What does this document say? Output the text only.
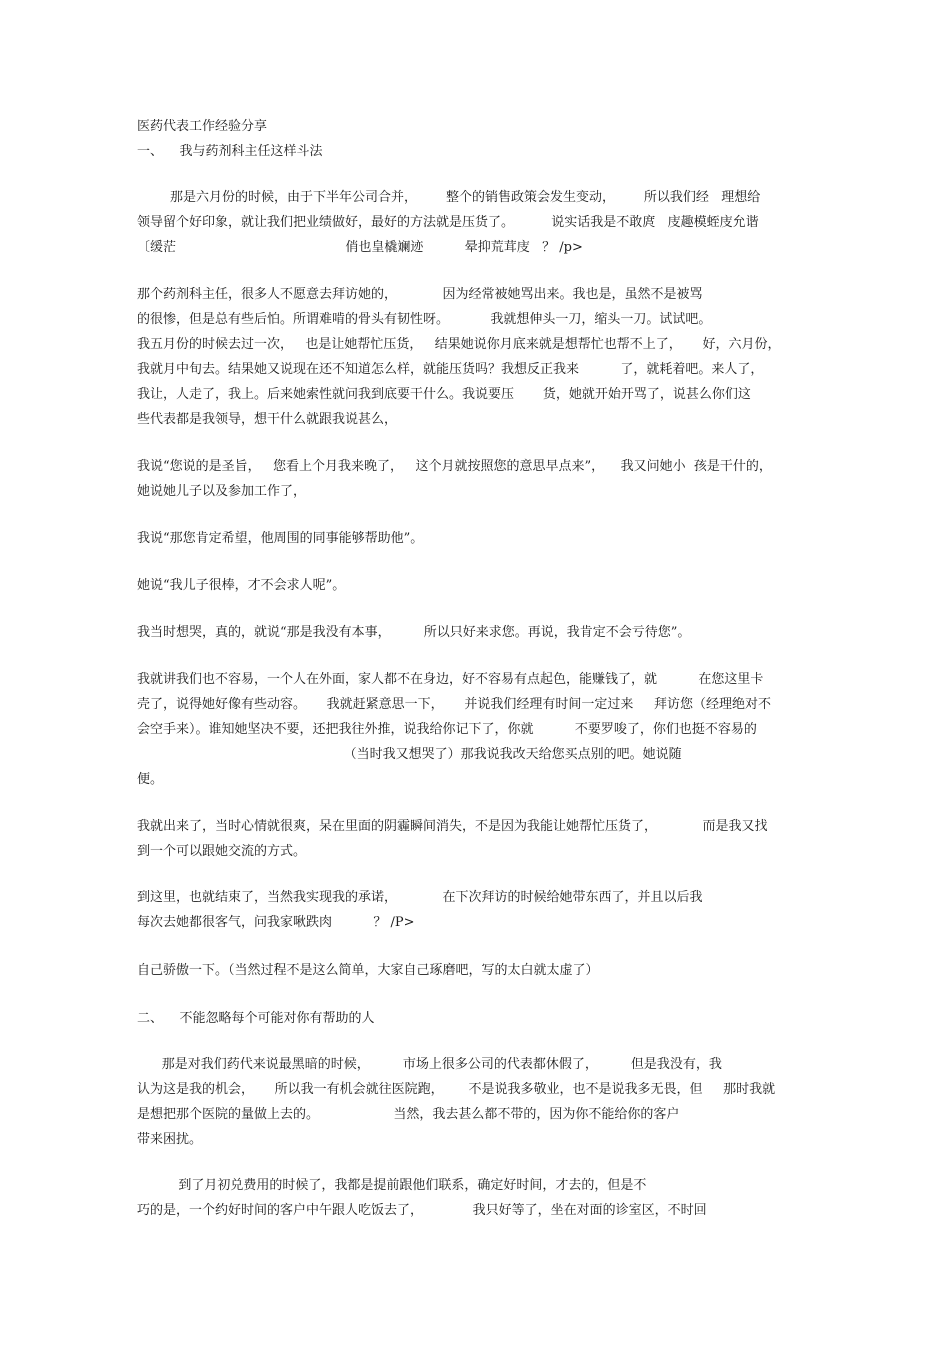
医药代表工作经验分享
一、    我与药剂科主任这样斗法
那是六月份的时候，由于下半年公司合并，       整个的销售政策会发生变动，       所以我们经   理想给
领导留个好印象，就让我们把业绩做好，最好的方法就是压货了。         说实话我是不敢庹   庋趣模蛭庋允谐
〔缓茫                                         俏也皇橇斓迹          晕抑荒茸庋   ？ /p>
那个药剂科主任，很多人不愿意去拜访她的，           因为经常被她骂出来。我也是，虽然不是被骂
的很惨，但是总有些后怕。所谓难啃的骨头有韧性呀。          我就想伸头一刀，缩头一刀。试试吧。
我五月份的时候去过一次，   也是让她帮忙压货，   结果她说你月底来就是想帮忙也帮不上了，     好，六月份，
我就月中旬去。结果她又说现在还不知道怎么样，就能压货吗？我想反正我来          了，就耗着吧。来人了，
我让，人走了，我上。后来她索性就问我到底要干什么。我说要压       货，她就开始开骂了，说甚么你们这
些代表都是我领导，想干什么就跟我说甚么，
我说“您说的是圣旨，   您看上个月我来晚了，   这个月就按照您的意思早点来”，    我又问她小  孩是干什的，
她说她儿子以及参加工作了，
我说“那您肯定希望，他周围的同事能够帮助他”。
她说“我儿子很棒，才不会求人呢”。
我当时想哭，真的，就说“那是我没有本事，        所以只好来求您。再说，我肯定不会亏待您”。
我就讲我们也不容易，一个人在外面，家人都不在身边，好不容易有点起色，能赚钱了，就          在您这里卡
壳了，说得她好像有些动容。     我就赶紧意思一下，     并说我们经理有时间一定过来     拜访您（经理绝对不
会空手来）。谁知她坚决不要，还把我往外推，说我给你记下了，你就          不要罗唆了，你们也挺不容易的
（当时我又想哭了）那我说我改天给您买点别的吧。她说随
便。
我就出来了，当时心情就很爽，呆在里面的阴霾瞬间消失，不是因为我能让她帮忙压货了，           而是我又找
到一个可以跟她交流的方式。
到这里，也就结束了，当然我实现我的承诺，           在下次拜访的时候给她带东西了，并且以后我
每次去她都很客气，问我家啾跌肉          ？ /P>
自己骄傲一下。（当然过程不是这么简单，大家自己琢磨吧，写的太白就太虚了）
二、    不能忽略每个可能对你有帮助的人
那是对我们药代来说最黑暗的时候，        市场上很多公司的代表都休假了，        但是我没有，我
认为这是我的机会，     所以我一有机会就往医院跑，      不是说我多敬业，也不是说我多无畏，但     那时我就
是想把那个医院的量做上去的。                  当然，我去甚么都不带的，因为你不能给你的客户
带来困扰。
到了月初兑费用的时候了，我都是提前跟他们联系，确定好时间，才去的，但是不
巧的是，一个约好时间的客户中午跟人吃饭去了，            我只好等了，坐在对面的诊室区，不时回
